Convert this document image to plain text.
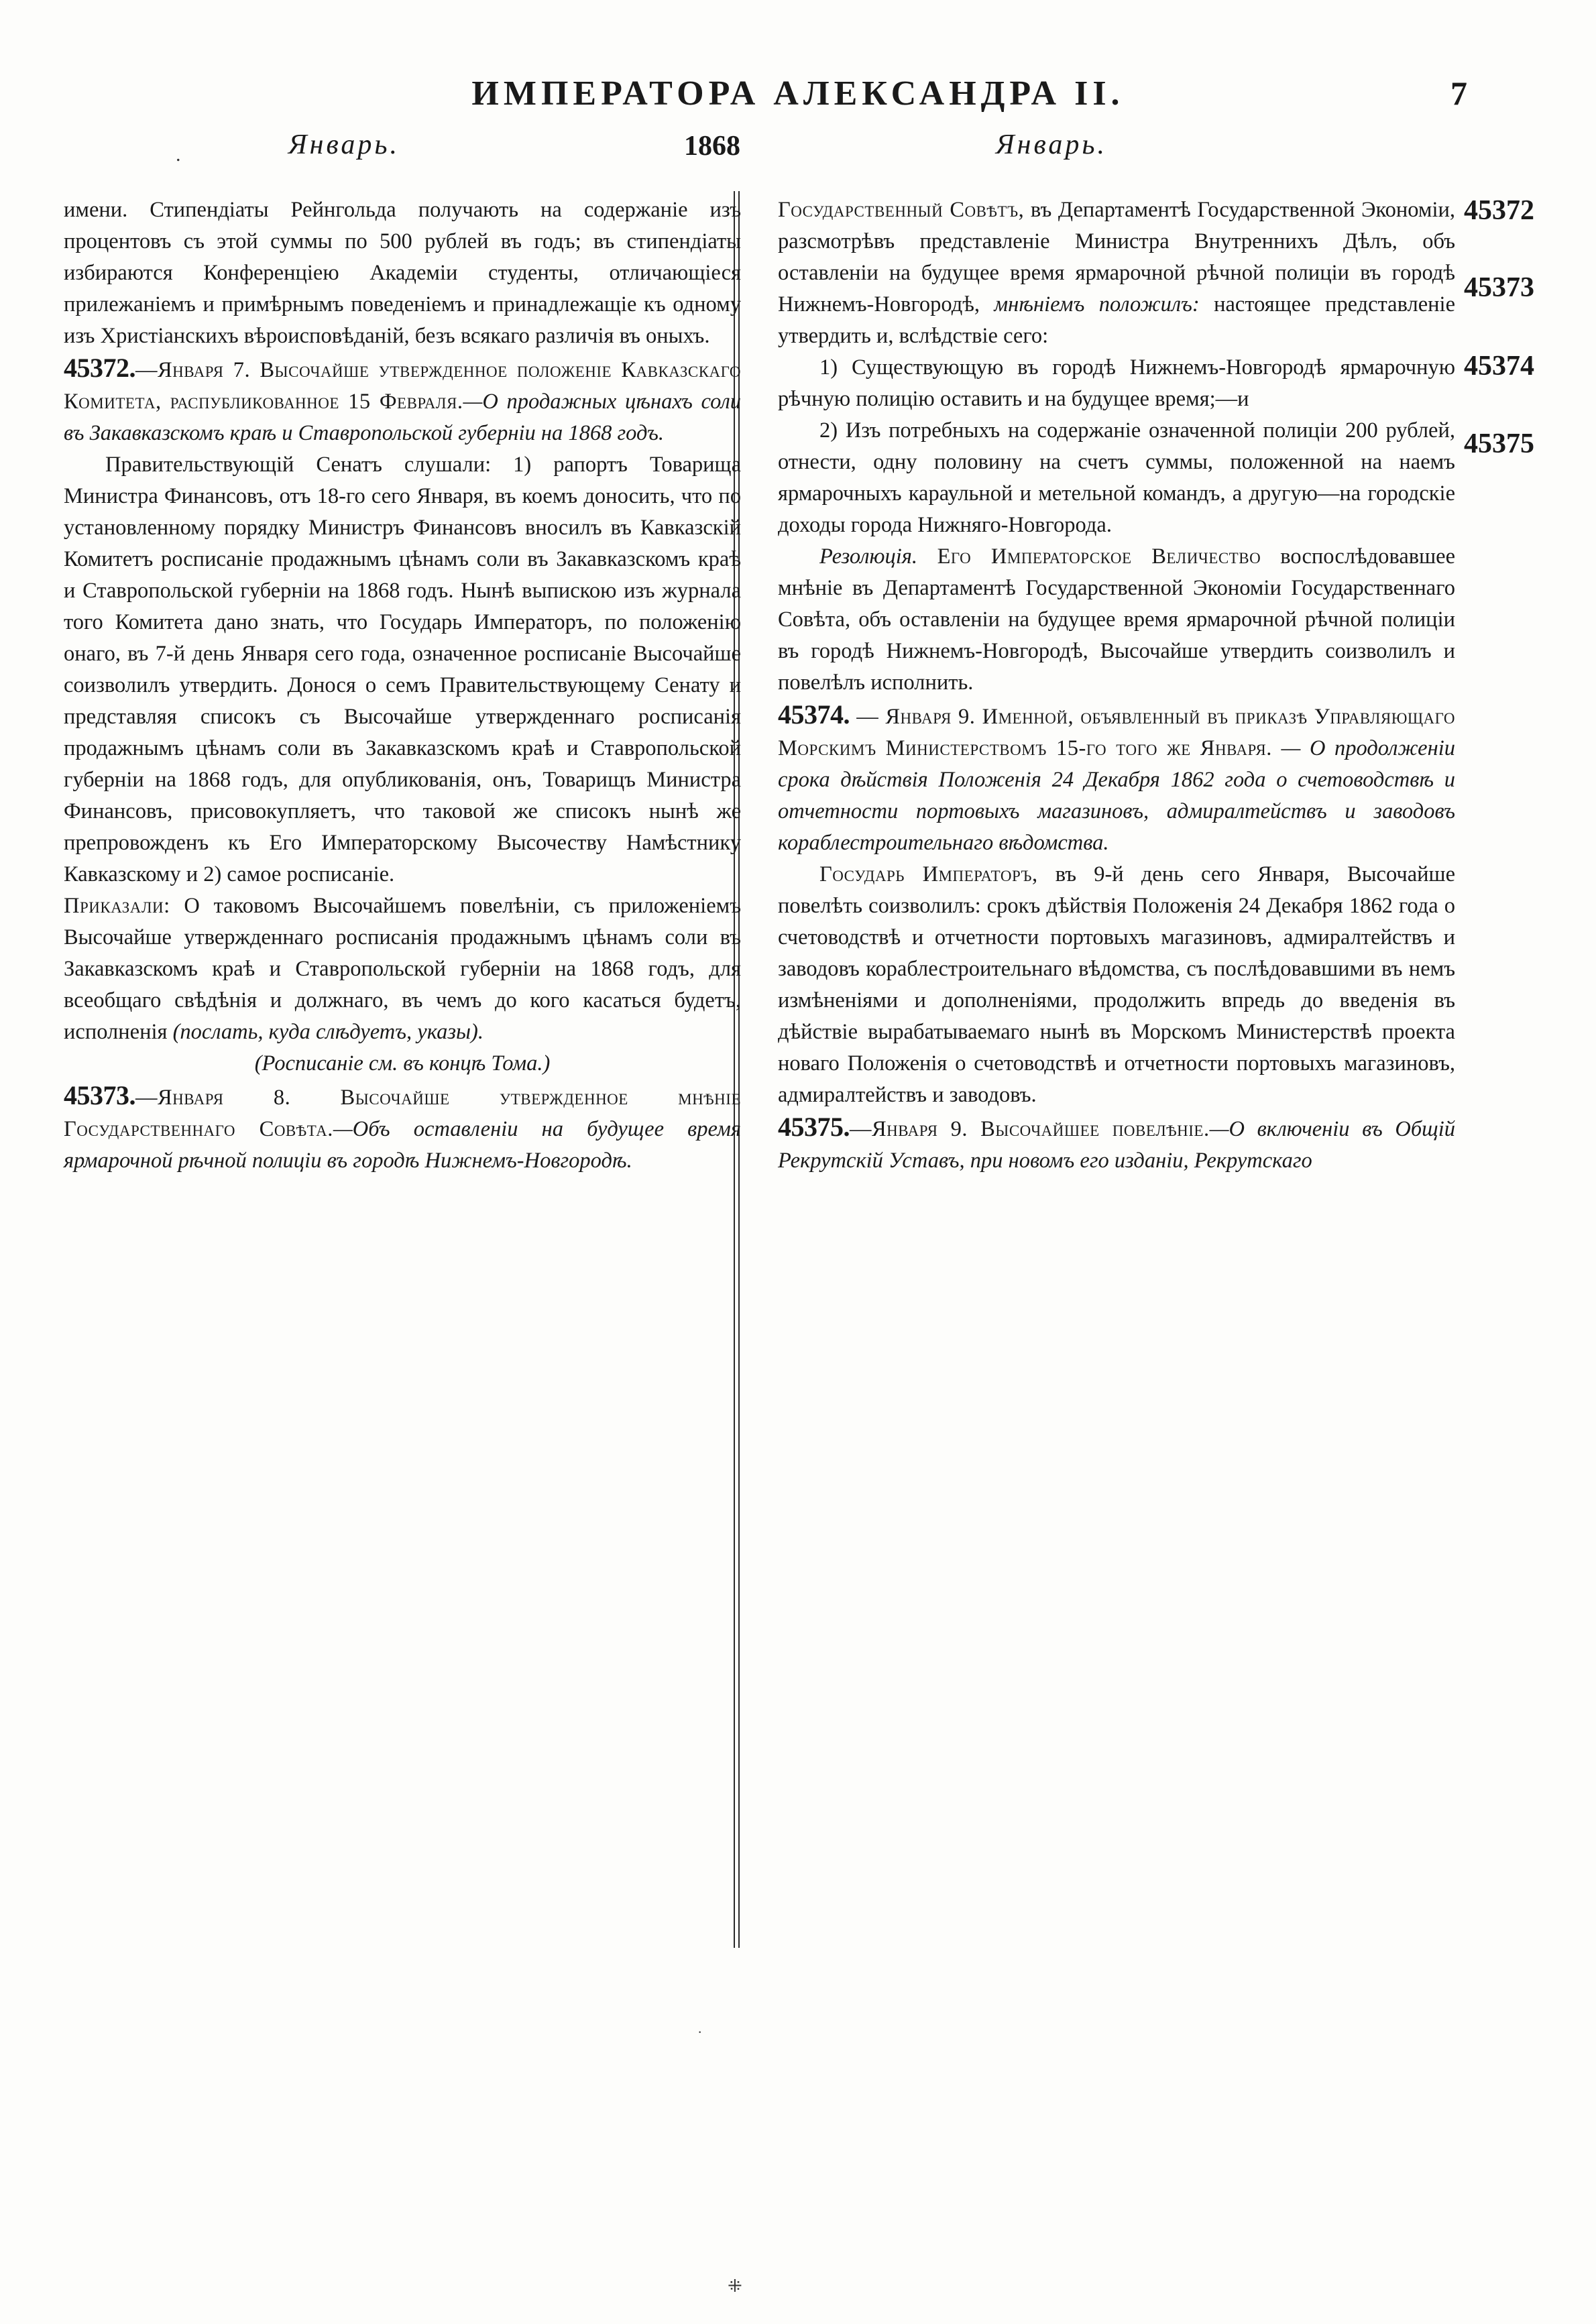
ИМПЕРАТОРА АЛЕКСАНДРА II.	7
Январь.	1868	Январь.
.

имени. Стипендіаты Рейнгольда получають на содержаніе изъ процентовъ съ этой суммы по 500 рублей въ годъ; въ стипендіаты избираются Конференціею Академіи студенты, отличающіеся прилежаніемъ и примѣрнымъ поведеніемъ и принадлежащіе къ одному изъ Христіанскихъ вѣроисповѣданій, безъ всякаго различія въ оныхъ.

45372.—Января 7. Высочайше утвержденное положеніе Кавказскаго Комитета, распубликованное 15 Февраля.—О продажных цѣнахъ соли въ Закавказскомъ краѣ и Ставропольской губерніи на 1868 годъ.

Правительствующій Сенатъ слушали: 1) рапортъ Товарища Министра Финансовъ, отъ 18-го сего Января, въ коемъ доносить, что по установленному порядку Министръ Финансовъ вносилъ въ Кавказскій Комитетъ росписаніе продажнымъ цѣнамъ соли въ Закавказскомъ краѣ и Ставропольской губерніи на 1868 годъ. Нынѣ выпискою изъ журнала того Комитета дано знать, что Государь Императоръ, по положенію онаго, въ 7-й день Января сего года, означенное росписаніе Высочайше соизволилъ утвердить. Донося о семъ Правительствующему Сенату и представляя списокъ съ Высочайше утвержденнаго росписанія продажнымъ цѣнамъ соли въ Закавказскомъ краѣ и Ставропольской губерніи на 1868 годъ, для опубликованія, онъ, Товарищъ Министра Финансовъ, присовокупляетъ, что таковой же списокъ нынѣ же препровожденъ къ Его Императорскому Высочеству Намѣстнику Кавказскому и 2) самое росписаніе.

Приказали: О таковомъ Высочайшемъ повелѣніи, съ приложеніемъ Высочайше утвержденнаго росписанія продажнымъ цѣнамъ соли въ Закавказскомъ краѣ и Ставропольской губерніи на 1868 годъ, для всеобщаго свѣдѣнія и должнаго, въ чемъ до кого касаться будетъ, исполненія (послать, куда слѣдуетъ, указы).

(Росписаніе см. въ концѣ Тома.)

45373.—Января 8. Высочайше утвержденное мнѣніе Государственнаго Совѣта.—Объ оставленіи на будущее время ярмарочной рѣчной полиціи въ городѣ Нижнемъ-Новгородѣ.

Государственный Совѣтъ, въ Департаментѣ Государственной Экономіи, разсмотрѣвъ представленіе Министра Внутреннихъ Дѣлъ, объ оставленіи на будущее время ярмарочной рѣчной полиціи въ городѣ Нижнемъ-Новгородѣ, мнѣніемъ положилъ: настоящее представленіе утвердить и, вслѣдствіе сего:

1) Существующую въ городѣ Нижнемъ-Новгородѣ ярмарочную рѣчную полицію оставить и на будущее время;—и

2) Изъ потребныхъ на содержаніе означенной полиціи 200 рублей, отнести, одну половину на счетъ суммы, положенной на наемъ ярмарочныхъ караульной и метельной командъ, а другую—на городскіе доходы города Нижняго-Новгорода.

Резолюція. Его Императорское Величество воспослѣдовавшее мнѣніе въ Департаментѣ Государственной Экономіи Государственнаго Совѣта, объ оставленіи на будущее время ярмарочной рѣчной полиціи въ городѣ Нижнемъ-Новгородѣ, Высочайше утвердить соизволилъ и повелѣлъ исполнить.

45374. — Января 9. Именной, объявленный въ приказѣ Управляющаго Морскимъ Министерствомъ 15-го того же Января. — О продолженіи срока дѣйствія Положенія 24 Декабря 1862 года о счетоводствѣ и отчетности портовыхъ магазиновъ, адмиралтействъ и заводовъ кораблестроительнаго вѣдомства.

Государь Императоръ, въ 9-й день сего Января, Высочайше повелѣть соизволилъ: срокъ дѣйствія Положенія 24 Декабря 1862 года о счетоводствѣ и отчетности портовыхъ магазиновъ, адмиралтействъ и заводовъ кораблестроительнаго вѣдомства, съ послѣдовавшими въ немъ измѣненіями и дополненіями, продолжить впредь до введенія въ дѣйствіе вырабатываемаго нынѣ въ Морскомъ Министерствѣ проекта новаго Положенія о счетоводствѣ и отчетности портовыхъ магазиновъ, адмиралтействъ и заводовъ.

45375.—Января 9. Высочайшее повелѣніе.—О включеніи въ Общій Рекрутскій Уставъ, при новомъ его изданіи, Рекрутскаго

45372
45373
45374
45375
·
⁜
